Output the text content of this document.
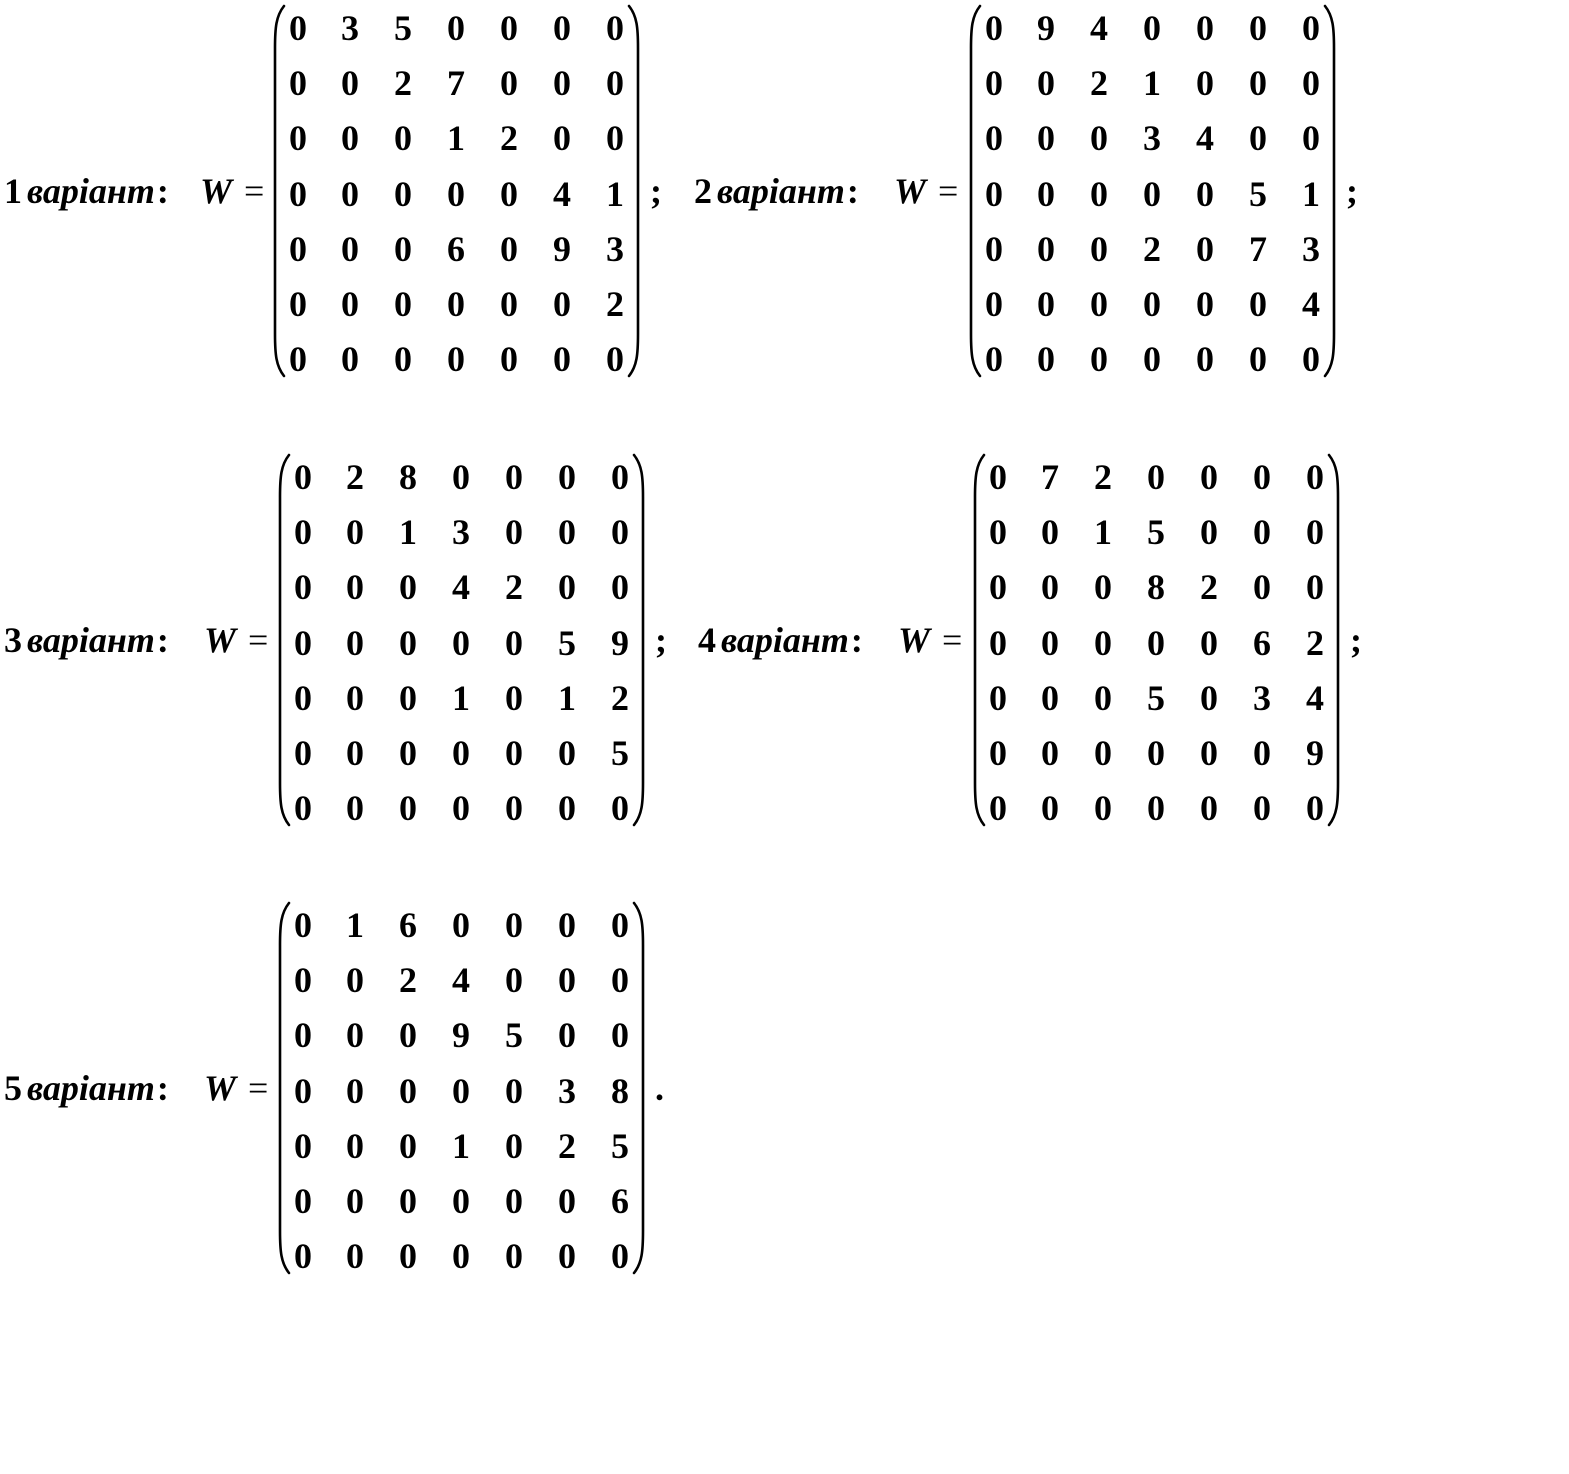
1 варіант: W =
0 3 5 0 0 0 0
0 0 2 7 0 0 0
0 0 0 1 2 0 0
0 0 0 0 0 4 1
0 0 0 6 0 9 3
0 0 0 0 0 0 2
0 0 0 0 0 0 0
; 2 варіант: W =
0 9 4 0 0 0 0
0 0 2 1 0 0 0
0 0 0 3 4 0 0
0 0 0 0 0 5 1
0 0 0 2 0 7 3
0 0 0 0 0 0 4
0 0 0 0 0 0 0
;
3 варіант: W =
0 2 8 0 0 0 0
0 0 1 3 0 0 0
0 0 0 4 2 0 0
0 0 0 0 0 5 9
0 0 0 1 0 1 2
0 0 0 0 0 0 5
0 0 0 0 0 0 0
; 4 варіант: W =
0 7 2 0 0 0 0
0 0 1 5 0 0 0
0 0 0 8 2 0 0
0 0 0 0 0 6 2
0 0 0 5 0 3 4
0 0 0 0 0 0 9
0 0 0 0 0 0 0
;
5 варіант: W =
0 1 6 0 0 0 0
0 0 2 4 0 0 0
0 0 0 9 5 0 0
0 0 0 0 0 3 8
0 0 0 1 0 2 5
0 0 0 0 0 0 6
0 0 0 0 0 0 0
.
